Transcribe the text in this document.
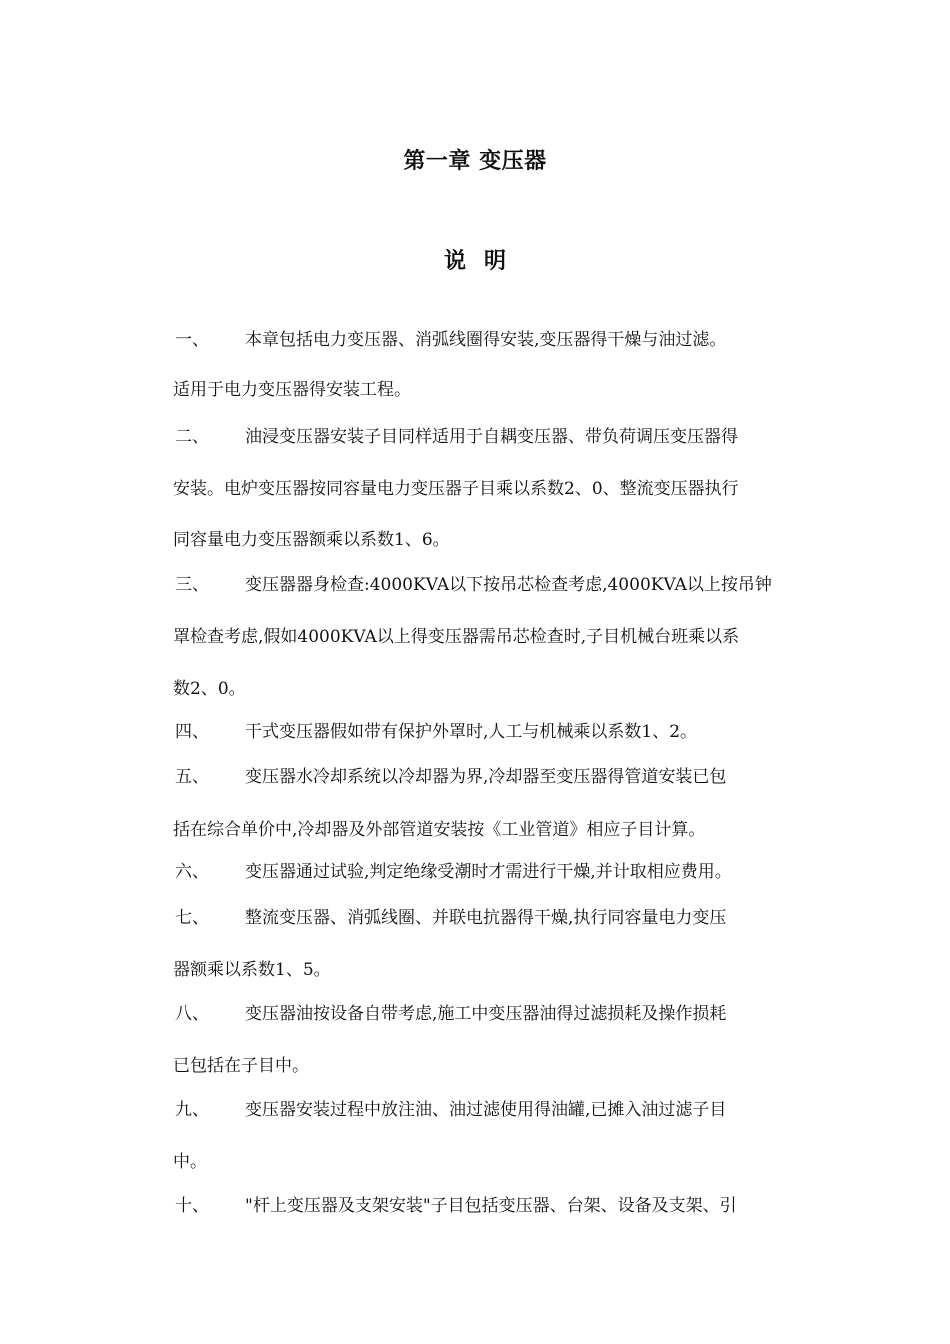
第一章 变压器
说明
一、	本章包括电力变压器、消弧线圈得安装,变压器得干燥与油过滤。
适用于电力变压器得安装工程。
二、	油浸变压器安装子目同样适用于自耦变压器、带负荷调压变压器得
安装。电炉变压器按同容量电力变压器子目乘以系数2、0、整流变压器执行
同容量电力变压器额乘以系数1、6。
三、	变压器器身检查:4000KVA以下按吊芯检查考虑,4000KVA以上按吊钟
罩检查考虑,假如4000KVA以上得变压器需吊芯检查时,子目机械台班乘以系
数2、0。
四、	干式变压器假如带有保护外罩时,人工与机械乘以系数1、2。
五、	变压器水冷却系统以冷却器为界,冷却器至变压器得管道安装已包
括在综合单价中,冷却器及外部管道安装按《工业管道》相应子目计算。
六、	变压器通过试验,判定绝缘受潮时才需进行干燥,并计取相应费用。
七、	整流变压器、消弧线圈、并联电抗器得干燥,执行同容量电力变压
器额乘以系数1、5。
八、	变压器油按设备自带考虑,施工中变压器油得过滤损耗及操作损耗
已包括在子目中。
九、	变压器安装过程中放注油、油过滤使用得油罐,已摊入油过滤子目
中。
十、	"杆上变压器及支架安装"子目包括变压器、台架、设备及支架、引
